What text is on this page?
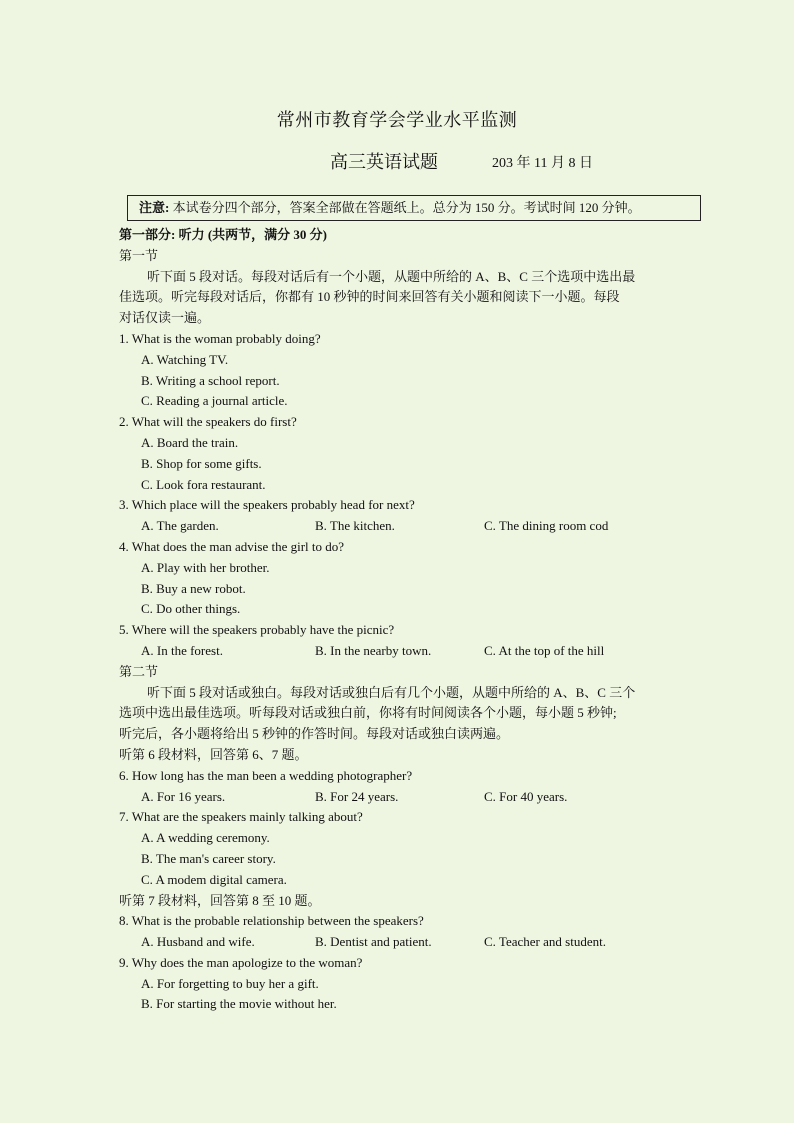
常州市教育学会学业水平监测
高三英语试题	203 年 11 月 8 日
注意: 本试卷分四个部分，答案全部做在答题纸上。总分为 150 分。考试时间 120 分钟。
第一部分: 听力 (共两节，满分 30 分)
第一节
听下面 5 段对话。每段对话后有一个小题，从题中所给的 A、B、C 三个选项中选出最
佳选项。听完每段对话后，你都有 10 秒钟的时间来回答有关小题和阅读下一小题。每段
对话仅读一遍。
1. What is the woman probably doing?
A. Watching TV.
B. Writing a school report.
C. Reading a journal article.
2. What will the speakers do first?
A. Board the train.
B. Shop for some gifts.
C. Look fora restaurant.
3. Which place will the speakers probably head for next?
A. The garden.	B. The kitchen.	C. The dining room cod
4. What does the man advise the girl to do?
A. Play with her brother.
B. Buy a new robot.
C. Do other things.
5. Where will the speakers probably have the picnic?
A. In the forest.	B. In the nearby town.	C. At the top of the hill
第二节
听下面 5 段对话或独白。每段对话或独白后有几个小题，从题中所给的 A、B、C 三个
选项中选出最佳选项。听每段对话或独白前，你将有时间阅读各个小题，每小题 5 秒钟;
听完后，各小题将给出 5 秒钟的作答时间。每段对话或独白读两遍。
听第 6 段材料，回答第 6、7 题。
6. How long has the man been a wedding photographer?
A. For 16 years.	B. For 24 years.	C. For 40 years.
7. What are the speakers mainly talking about?
A. A wedding ceremony.
B. The man's career story.
C. A modem digital camera.
听第 7 段材料，回答第 8 至 10 题。
8. What is the probable relationship between the speakers?
A. Husband and wife.	B. Dentist and patient.	C. Teacher and student.
9. Why does the man apologize to the woman?
A. For forgetting to buy her a gift.
B. For starting the movie without her.
